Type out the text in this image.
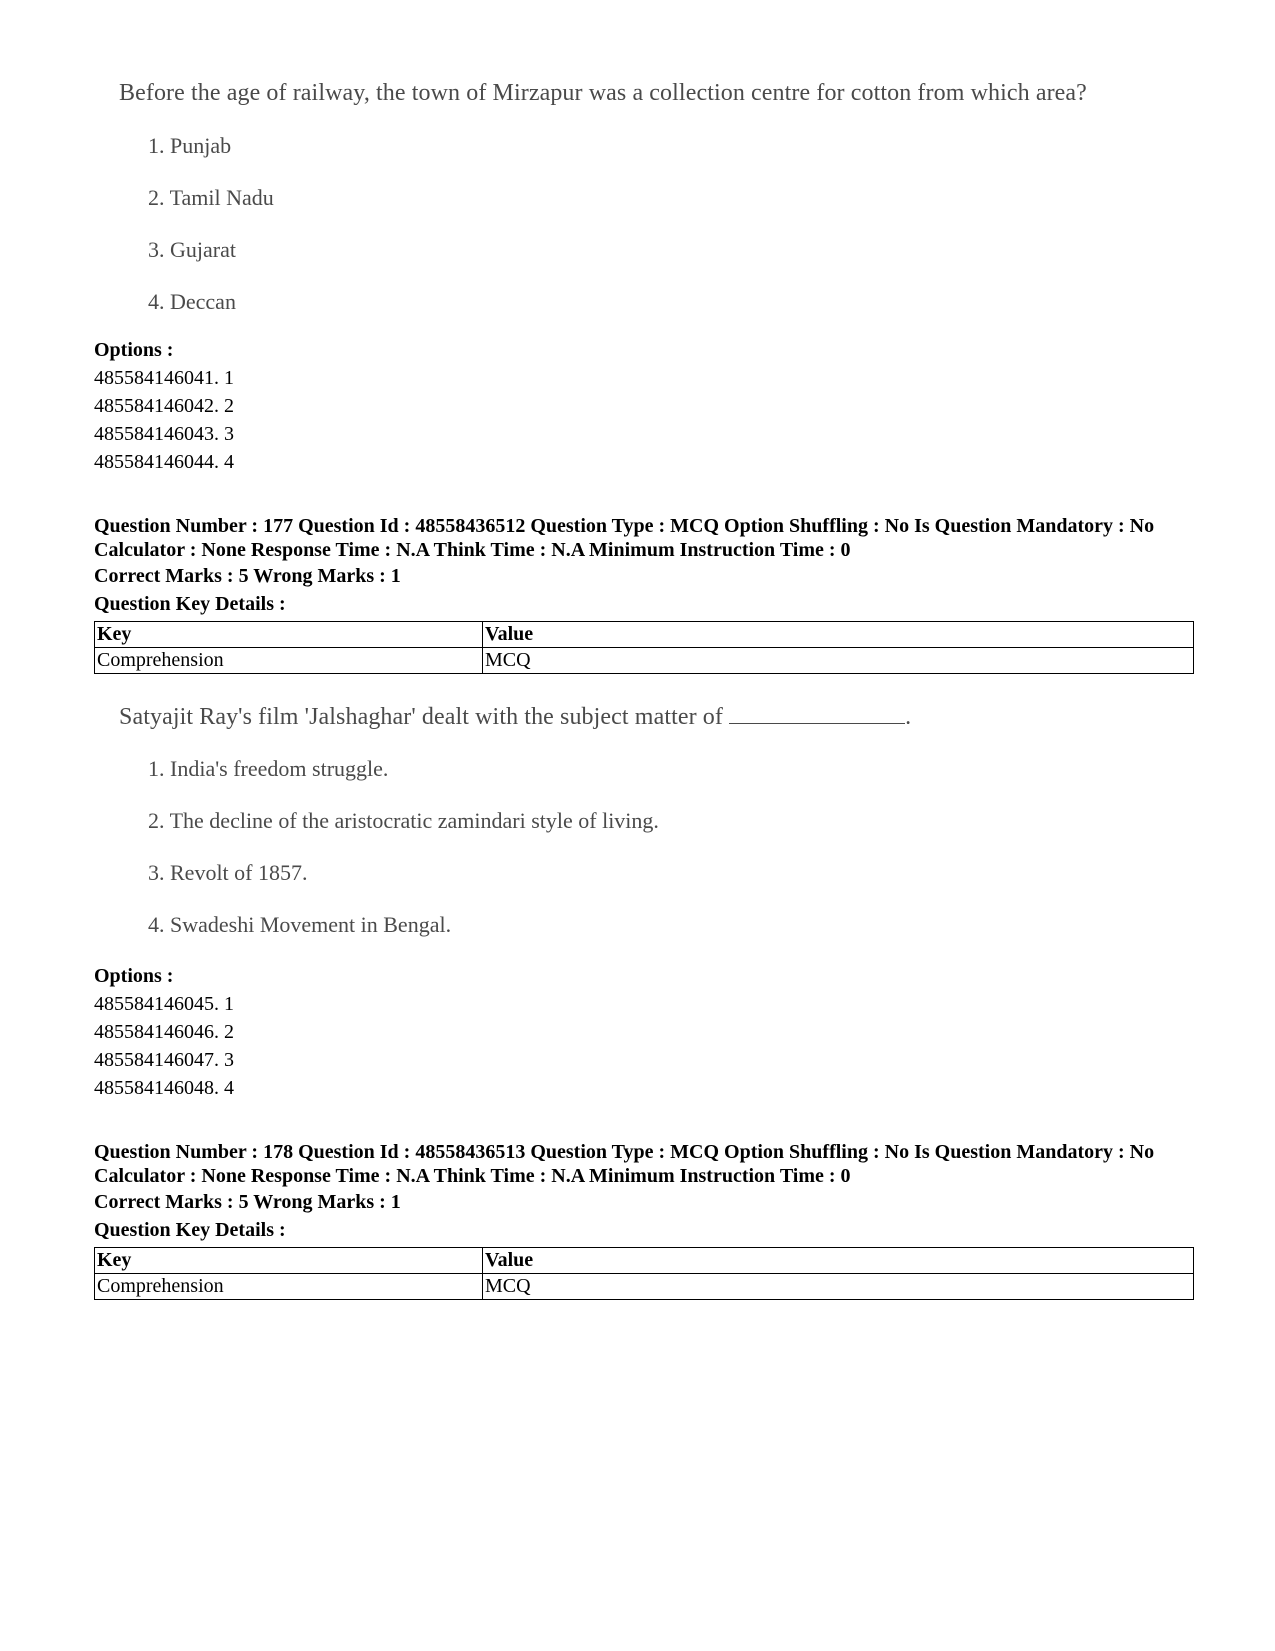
Before the age of railway, the town of Mirzapur was a collection centre for cotton from which area?
1. Punjab
2. Tamil Nadu
3. Gujarat
4. Deccan
Options :
485584146041. 1
485584146042. 2
485584146043. 3
485584146044. 4
Question Number : 177 Question Id : 48558436512 Question Type : MCQ Option Shuffling : No Is Question Mandatory : No Calculator : None Response Time : N.A Think Time : N.A Minimum Instruction Time : 0
Correct Marks : 5 Wrong Marks : 1
Question Key Details :
Key	Value
Comprehension	MCQ
Satyajit Ray's film 'Jalshaghar' dealt with the subject matter of	.
1. India's freedom struggle.
2. The decline of the aristocratic zamindari style of living.
3. Revolt of 1857.
4. Swadeshi Movement in Bengal.
Options :
485584146045. 1
485584146046. 2
485584146047. 3
485584146048. 4
Question Number : 178 Question Id : 48558436513 Question Type : MCQ Option Shuffling : No Is Question Mandatory : No Calculator : None Response Time : N.A Think Time : N.A Minimum Instruction Time : 0
Correct Marks : 5 Wrong Marks : 1
Question Key Details :
Key	Value
Comprehension	MCQ
